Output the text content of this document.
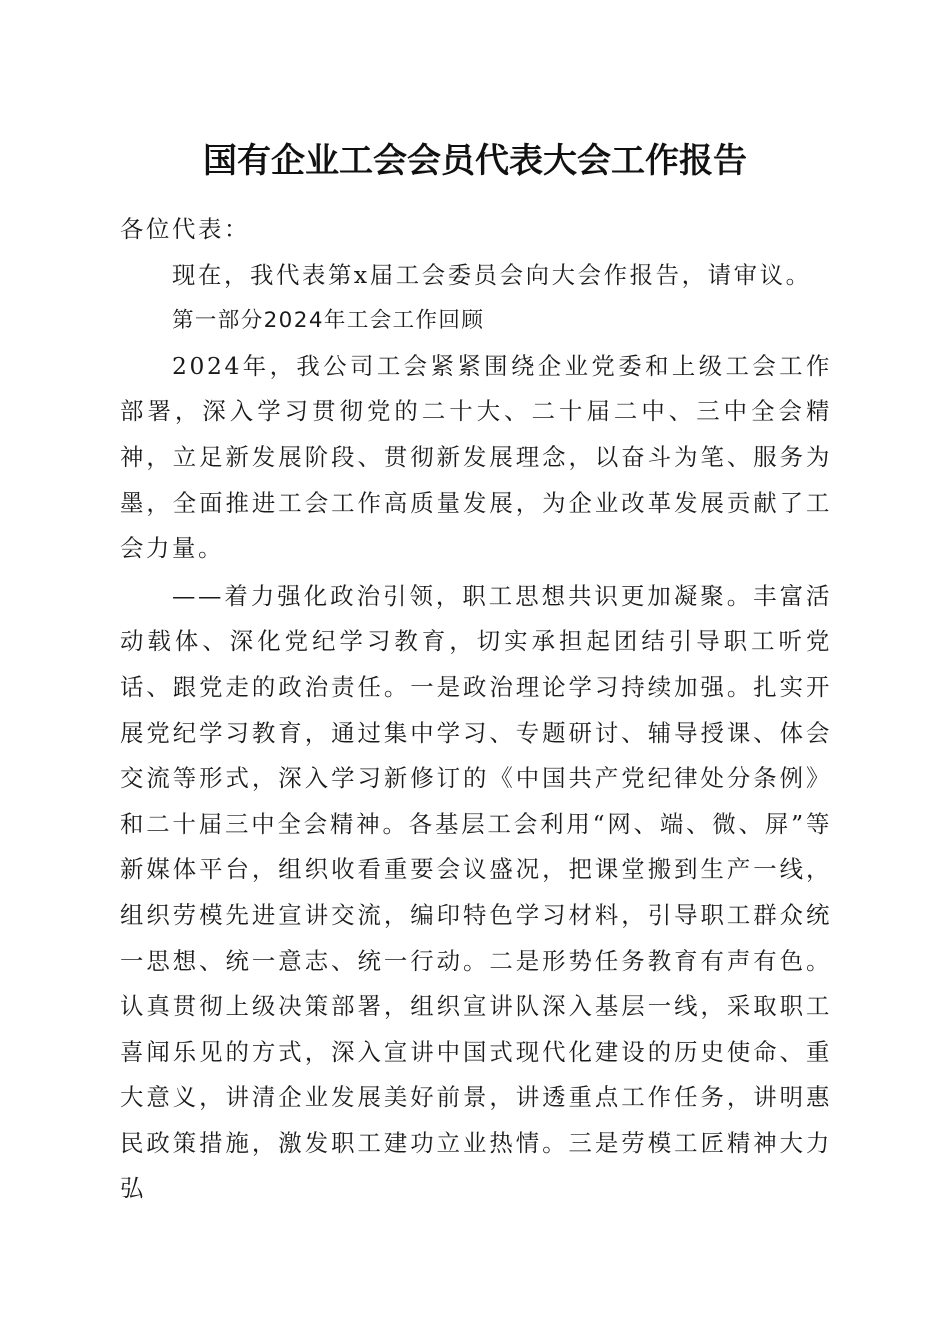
国有企业工会会员代表大会工作报告

各位代表：

现在，我代表第x届工会委员会向大会作报告，请审议。

第一部分2024年工会工作回顾

2024年，我公司工会紧紧围绕企业党委和上级工会工作部署，深入学习贯彻党的二十大、二十届二中、三中全会精神，立足新发展阶段、贯彻新发展理念，以奋斗为笔、服务为墨，全面推进工会工作高质量发展，为企业改革发展贡献了工会力量。

——着力强化政治引领，职工思想共识更加凝聚。丰富活动载体、深化党纪学习教育，切实承担起团结引导职工听党话、跟党走的政治责任。一是政治理论学习持续加强。扎实开展党纪学习教育，通过集中学习、专题研讨、辅导授课、体会交流等形式，深入学习新修订的《中国共产党纪律处分条例》和二十届三中全会精神。各基层工会利用“网、端、微、屏”等新媒体平台，组织收看重要会议盛况，把课堂搬到生产一线，组织劳模先进宣讲交流，编印特色学习材料，引导职工群众统一思想、统一意志、统一行动。二是形势任务教育有声有色。认真贯彻上级决策部署，组织宣讲队深入基层一线，采取职工喜闻乐见的方式，深入宣讲中国式现代化建设的历史使命、重大意义，讲清企业发展美好前景，讲透重点工作任务，讲明惠民政策措施，激发职工建功立业热情。三是劳模工匠精神大力弘
